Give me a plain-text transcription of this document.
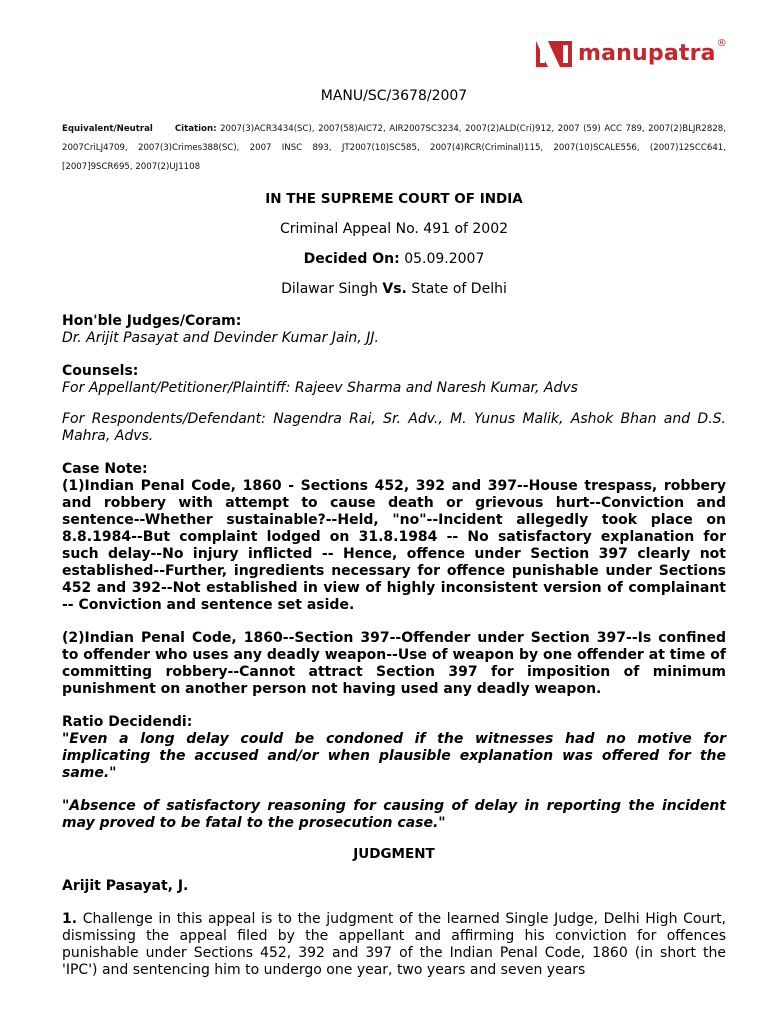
manupatra ®
MANU/SC/3678/2007
Equivalent/Neutral	Citation: 2007(3)ACR3434(SC), 2007(58)AIC72, AIR2007SC3234, 2007(2)ALD(Cri)912, 2007 (59) ACC 789, 2007(2)BLJR2828, 2007CriLJ4709, 2007(3)Crimes388(SC), 2007 INSC 893, JT2007(10)SC585, 2007(4)RCR(Criminal)115, 2007(10)SCALE556, (2007)12SCC641, [2007]9SCR695, 2007(2)UJ1108
IN THE SUPREME COURT OF INDIA
Criminal Appeal No. 491 of 2002
Decided On: 05.09.2007
Dilawar Singh Vs. State of Delhi

Hon'ble Judges/Coram:

Dr. Arijit Pasayat and Devinder Kumar Jain, JJ.

Counsels:

For Appellant/Petitioner/Plaintiff: Rajeev Sharma and Naresh Kumar, Advs

For Respondents/Defendant: Nagendra Rai, Sr. Adv., M. Yunus Malik, Ashok Bhan and D.S. Mahra, Advs.

Case Note:

(1)Indian Penal Code, 1860 - Sections 452, 392 and 397--House trespass, robbery and robbery with attempt to cause death or grievous hurt--Conviction and sentence--Whether sustainable?--Held, "no"--Incident allegedly took place on 8.8.1984--But complaint lodged on 31.8.1984 -- No satisfactory explanation for such delay--No injury inflicted -- Hence, offence under Section 397 clearly not established--Further, ingredients necessary for offence punishable under Sections 452 and 392--Not established in view of highly inconsistent version of complainant -- Conviction and sentence set aside.

(2)Indian Penal Code, 1860--Section 397--Offender under Section 397--Is confined to offender who uses any deadly weapon--Use of weapon by one offender at time of committing robbery--Cannot attract Section 397 for imposition of minimum punishment on another person not having used any deadly weapon.

Ratio Decidendi:

"Even a long delay could be condoned if the witnesses had no motive for implicating the accused and/or when plausible explanation was offered for the same."

"Absence of satisfactory reasoning for causing of delay in reporting the incident may proved to be fatal to the prosecution case."

JUDGMENT

Arijit Pasayat, J.

1. Challenge in this appeal is to the judgment of the learned Single Judge, Delhi High Court, dismissing the appeal filed by the appellant and affirming his conviction for offences punishable under Sections 452, 392 and 397 of the Indian Penal Code, 1860 (in short the 'IPC') and sentencing him to undergo one year, two years and seven years
